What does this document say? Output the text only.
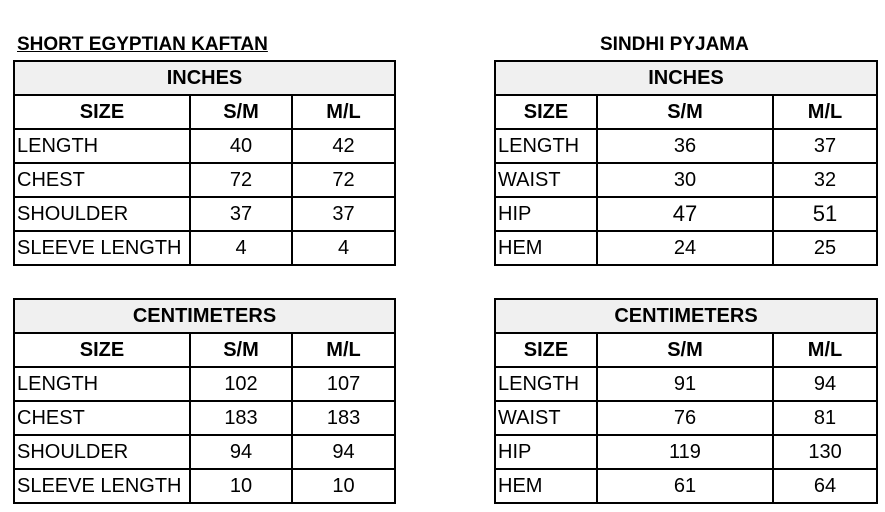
SHORT EGYPTIAN KAFTAN
INCHES		
SIZE	S/M	M/L
LENGTH	40	42
CHEST	72	72
SHOULDER	37	37
SLEEVE LENGTH	4	4
CENTIMETERS		
SIZE	S/M	M/L
LENGTH	102	107
CHEST	183	183
SHOULDER	94	94
SLEEVE LENGTH	10	10
SINDHI PYJAMA
INCHES		
SIZE	S/M	M/L
LENGTH	36	37
WAIST	30	32
HIP	47	51
HEM	24	25
CENTIMETERS		
SIZE	S/M	M/L
LENGTH	91	94
WAIST	76	81
HIP	119	130
HEM	61	64
